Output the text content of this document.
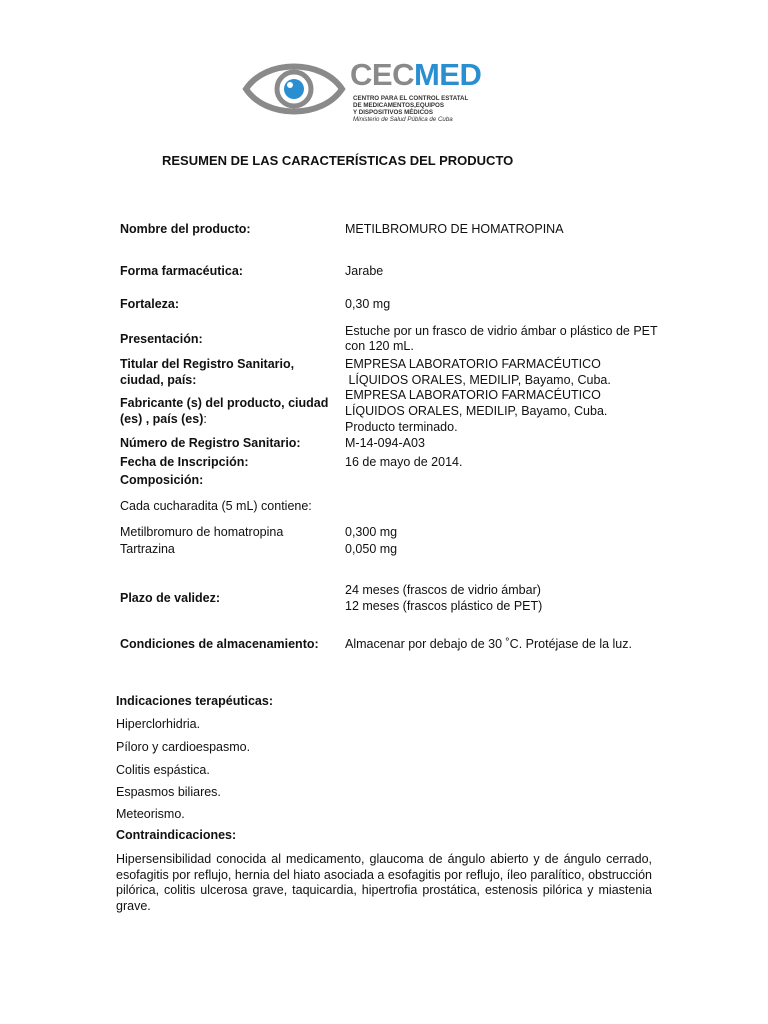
CECMED
CENTRO PARA EL CONTROL ESTATAL
DE MEDICAMENTOS,EQUIPOS
Y DISPOSITIVOS MÉDICOS
Ministerio de Salud Pública de Cuba
RESUMEN DE LAS CARACTERÍSTICAS DEL PRODUCTO
Nombre del producto:	METILBROMURO DE HOMATROPINA
Forma farmacéutica:	Jarabe
Fortaleza:	0,30 mg
Presentación:
Estuche por un frasco de vidrio ámbar o plástico de PET
con 120 mL.
Titular del Registro Sanitario,
ciudad, país:
EMPRESA LABORATORIO FARMACÉUTICO
LÍQUIDOS ORALES, MEDILIP, Bayamo, Cuba.
Fabricante (s) del producto, ciudad
(es) , país (es):
EMPRESA LABORATORIO FARMACÉUTICO
LÍQUIDOS ORALES, MEDILIP, Bayamo, Cuba.
Producto terminado.
Número de Registro Sanitario:	M-14-094-A03
Fecha de Inscripción:	16 de mayo de 2014.
Composición:
Cada cucharadita (5 mL) contiene:
Metilbromuro de homatropina	0,300 mg
Tartrazina	0,050 mg
Plazo de validez:
24 meses (frascos de vidrio ámbar)
12 meses (frascos plástico de PET)
Condiciones de almacenamiento: Almacenar por debajo de 30 ˚C. Protéjase de la luz.
Indicaciones terapéuticas:
Hiperclorhidria.
Píloro y cardioespasmo.
Colitis espástica.
Espasmos biliares.
Meteorismo.
Contraindicaciones:
Hipersensibilidad conocida al medicamento, glaucoma de ángulo abierto y de ángulo cerrado, esofagitis por reflujo, hernia del hiato asociada a esofagitis por reflujo, íleo paralítico, obstrucción pilórica, colitis ulcerosa grave, taquicardia, hipertrofia prostática, estenosis pilórica y miastenia grave.
